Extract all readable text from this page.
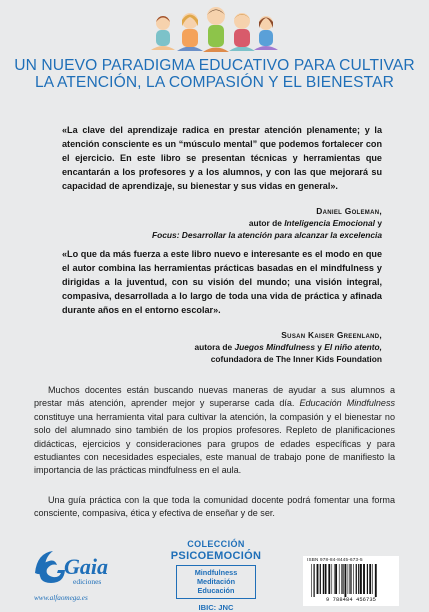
UN NUEVO PARADIGMA EDUCATIVO PARA CULTIVAR
LA ATENCIÓN, LA COMPASIÓN Y EL BIENESTAR

«La clave del aprendizaje radica en prestar atención plenamente; y la atención consciente es un “músculo mental” que podemos fortalecer con el ejercicio. En este libro se presentan técnicas y herramientas que encantarán a los profesores y a los alumnos, y con las que mejorará su capacidad de aprendizaje, su bienestar y sus vidas en general».

Daniel Goleman,
autor de Inteligencia Emocional y
Focus: Desarrollar la atención para alcanzar la excelencia

«Lo que da más fuerza a este libro nuevo e interesante es el modo en que el autor combina las herramientas prácticas basadas en el mindfulness y dirigidas a la juventud, con su visión del mundo; una visión integral, compasiva, desarrollada a lo largo de toda una vida de práctica y afinada durante años en el entorno escolar».

Susan Kaiser Greenland,
autora de Juegos Mindfulness y El niño atento,
cofundadora de The Inner Kids Foundation

Muchos docentes están buscando nuevas maneras de ayudar a sus alumnos a prestar más atención, aprender mejor y superarse cada día. Educación Mindfulness constituye una herramienta vital para cultivar la atención, la compasión y el bienestar no solo del alumnado sino también de los propios profesores. Repleto de planificaciones didácticas, ejercicios y consideraciones para grupos de edades específicas y para estudiantes con necesidades especiales, este manual de trabajo pone de manifiesto la importancia de las prácticas mindfulness en el aula.

Una guía práctica con la que toda la comunidad docente podrá fomentar una forma consciente, compasiva, ética y efectiva de enseñar y de ser.

Gaia
ediciones
www.alfaomega.es
COLECCIÓN
PSICOEMOCIÓN
Mindfulness
Meditación
Educación
IBIC: JNC
ISBN 978-84-8445-673-5
9 788484 456735
